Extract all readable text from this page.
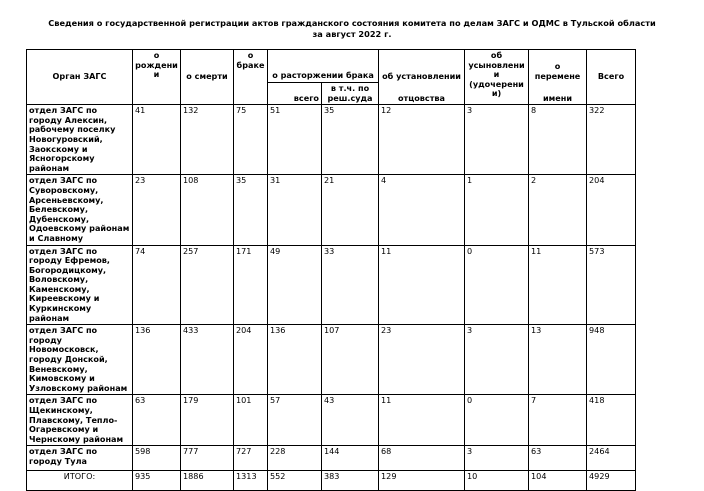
Сведения о государственной регистрации актов гражданского состояния комитета по делам ЗАГС и ОДМС в Тульской области
за август 2022 г.
Орган ЗАГС	о рождении	о смерти	о браке	о расторжении брака		об установлении	об усыновлении (удочерении)	о перемене	Всего
				всего	в т.ч. по реш.суда	отцовства		имени	
отдел ЗАГС по городу Алексин, рабочему поселку Новогуровский, Заокскому и Ясногорскому районам	41	132	75	51	35	12	3	8	322
отдел ЗАГС по Суворовскому, Арсеньевскому, Белевскому, Дубенскому, Одоевскому районам и Славному	23	108	35	31	21	4	1	2	204
отдел ЗАГС по городу Ефремов, Богородицкому, Воловскому, Каменскому, Киреевскому и Куркинскому районам	74	257	171	49	33	11	0	11	573
отдел ЗАГС по городу Новомосковск, городу Донской, Веневскому, Кимовскому и Узловскому районам	136	433	204	136	107	23	3	13	948
отдел ЗАГС по Щекинскому, Плавскому, Тепло-Огаревскому и Чернскому районам	63	179	101	57	43	11	0	7	418
отдел ЗАГС по городу Тула	598	777	727	228	144	68	3	63	2464
ИТОГО:	935	1886	1313	552	383	129	10	104	4929
